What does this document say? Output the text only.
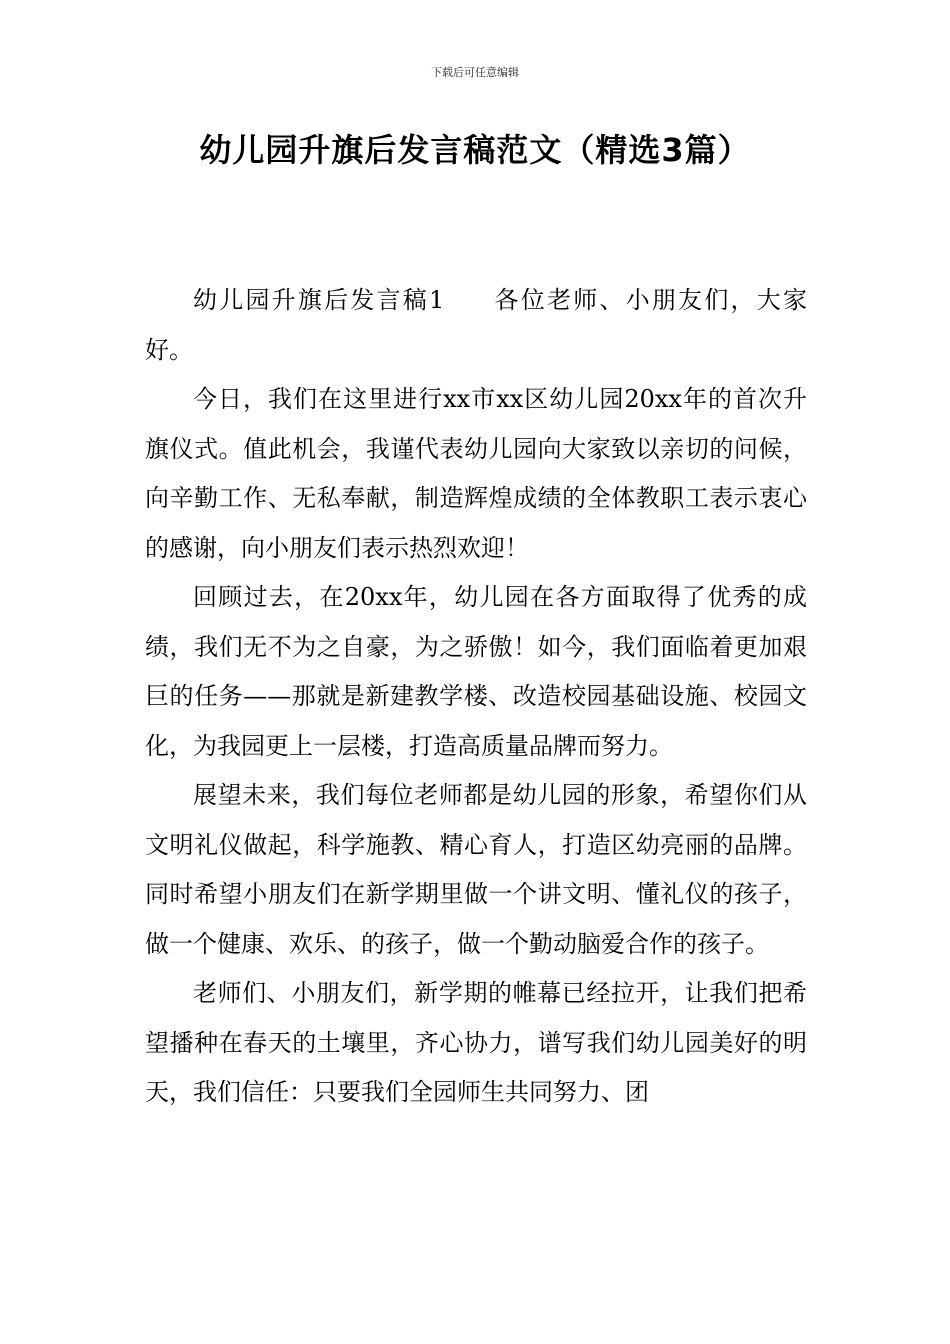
下载后可任意编辑
幼儿园升旗后发言稿范文（精选3篇）

幼儿园升旗后发言稿1 各位老师、小朋友们，大家好。

今日，我们在这里进行xx市xx区幼儿园20xx年的首次升旗仪式。值此机会，我谨代表幼儿园向大家致以亲切的问候，向辛勤工作、无私奉献，制造辉煌成绩的全体教职工表示衷心的感谢，向小朋友们表示热烈欢迎！

回顾过去，在20xx年，幼儿园在各方面取得了优秀的成绩，我们无不为之自豪，为之骄傲！如今，我们面临着更加艰巨的任务——那就是新建教学楼、改造校园基础设施、校园文化，为我园更上一层楼，打造高质量品牌而努力。

展望未来，我们每位老师都是幼儿园的形象，希望你们从文明礼仪做起，科学施教、精心育人，打造区幼亮丽的品牌。同时希望小朋友们在新学期里做一个讲文明、懂礼仪的孩子，做一个健康、欢乐、的孩子，做一个勤动脑爱合作的孩子。

老师们、小朋友们，新学期的帷幕已经拉开，让我们把希望播种在春天的土壤里，齐心协力，谱写我们幼儿园美好的明天，我们信任：只要我们全园师生共同努力、团
